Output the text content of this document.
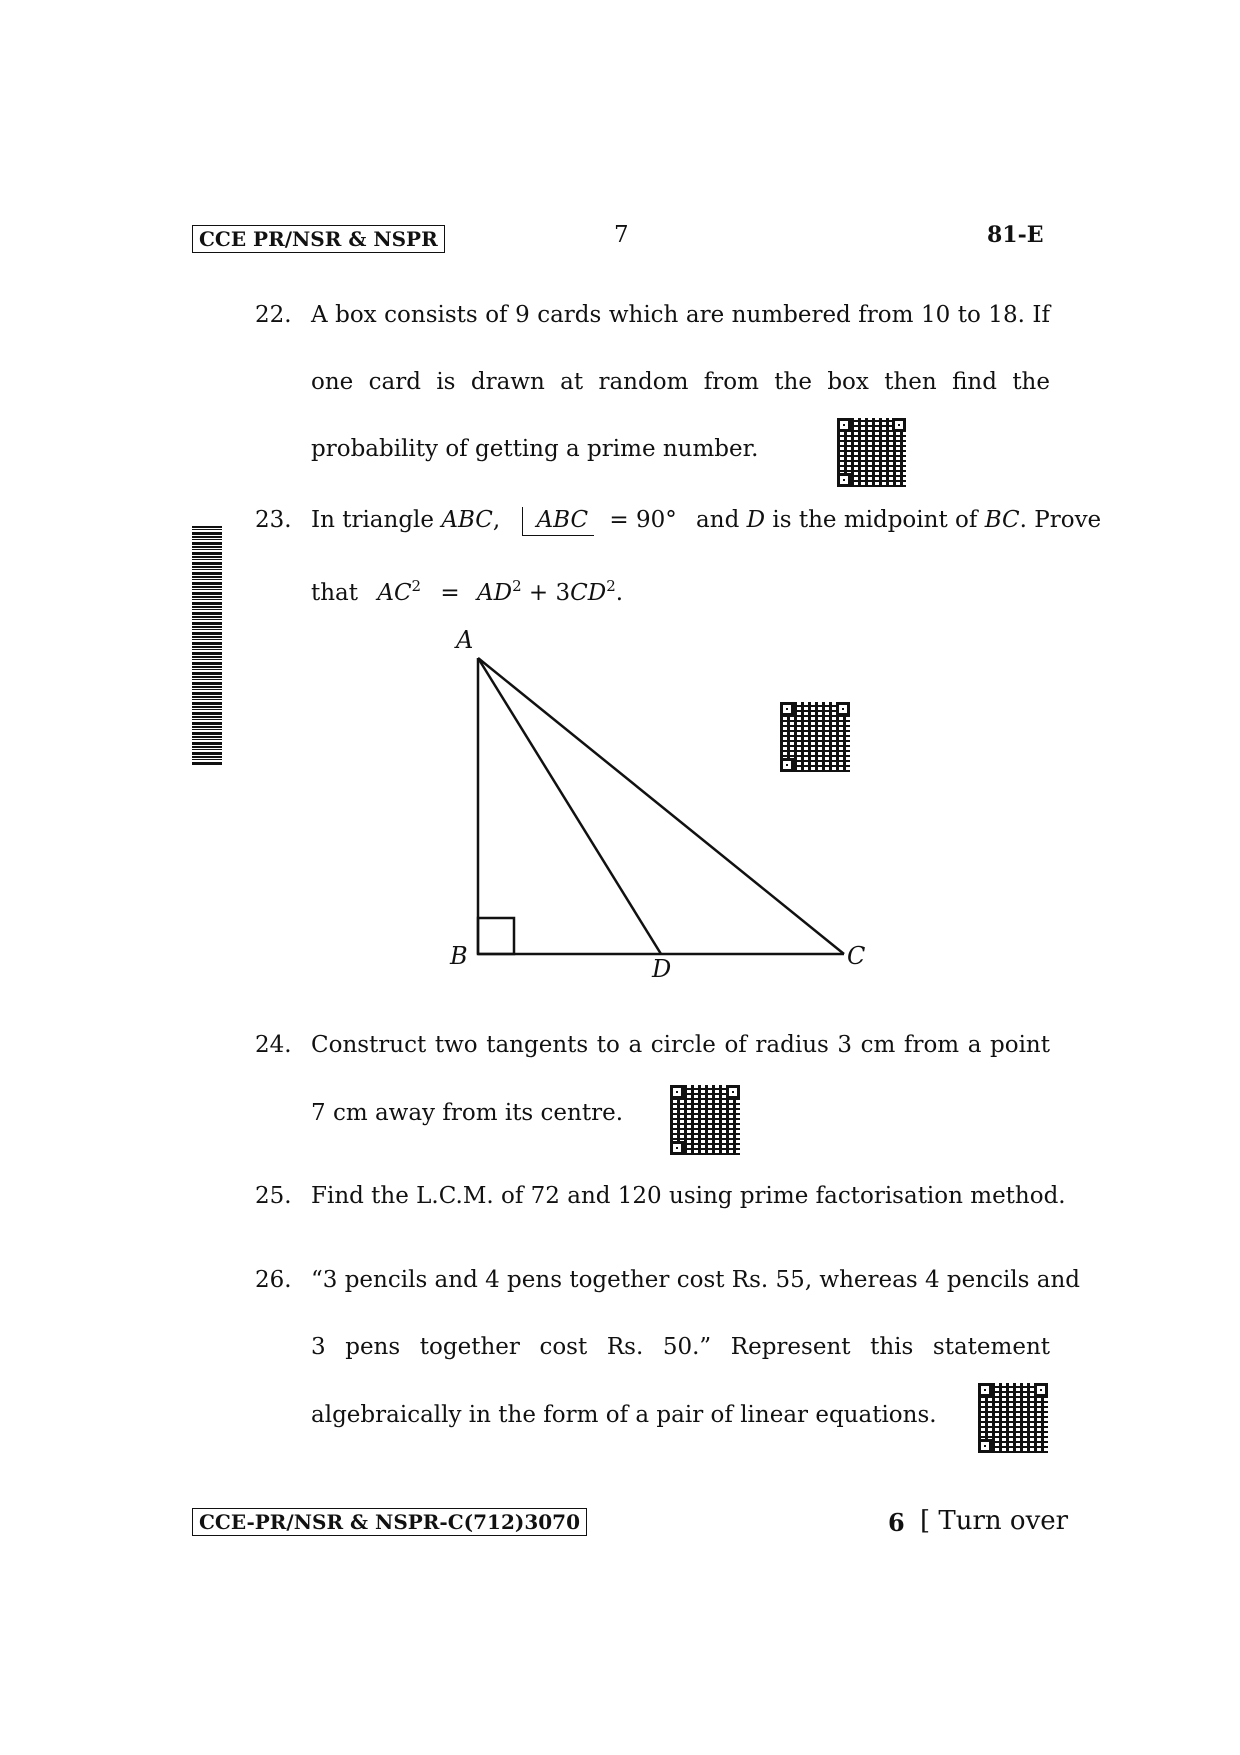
CCE PR/NSR & NSPR	7	81-E
22. A box consists of 9 cards which are numbered from 10 to 18. If
one card is drawn at random from the box then find the
probability of getting a prime number.
23. In triangle ABC, ABC = 90° and D is the midpoint of BC. Prove
that $AC^2 = AD^2 + 3CD^2$.
A
B	C
D
24. Construct two tangents to a circle of radius 3 cm from a point
7 cm away from its centre.
25. Find the L.C.M. of 72 and 120 using prime factorisation method.
26. “3 pencils and 4 pens together cost Rs. 55, whereas 4 pencils and
3 pens together cost Rs. 50.” Represent this statement
algebraically in the form of a pair of linear equations.
CCE-PR/NSR & NSPR-C(712)3070	6 [ Turn over
